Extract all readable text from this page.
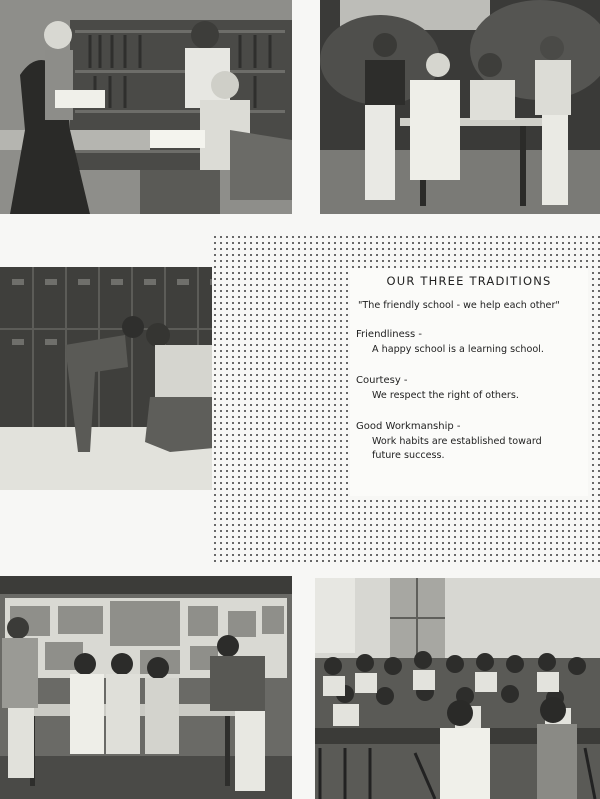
OUR THREE TRADITIONS
"The friendly school - we help each other"
Friendliness -
A happy school is a learning school.
Courtesy -
We respect the right of others.
Good Workmanship -
Work habits are established toward future success.
